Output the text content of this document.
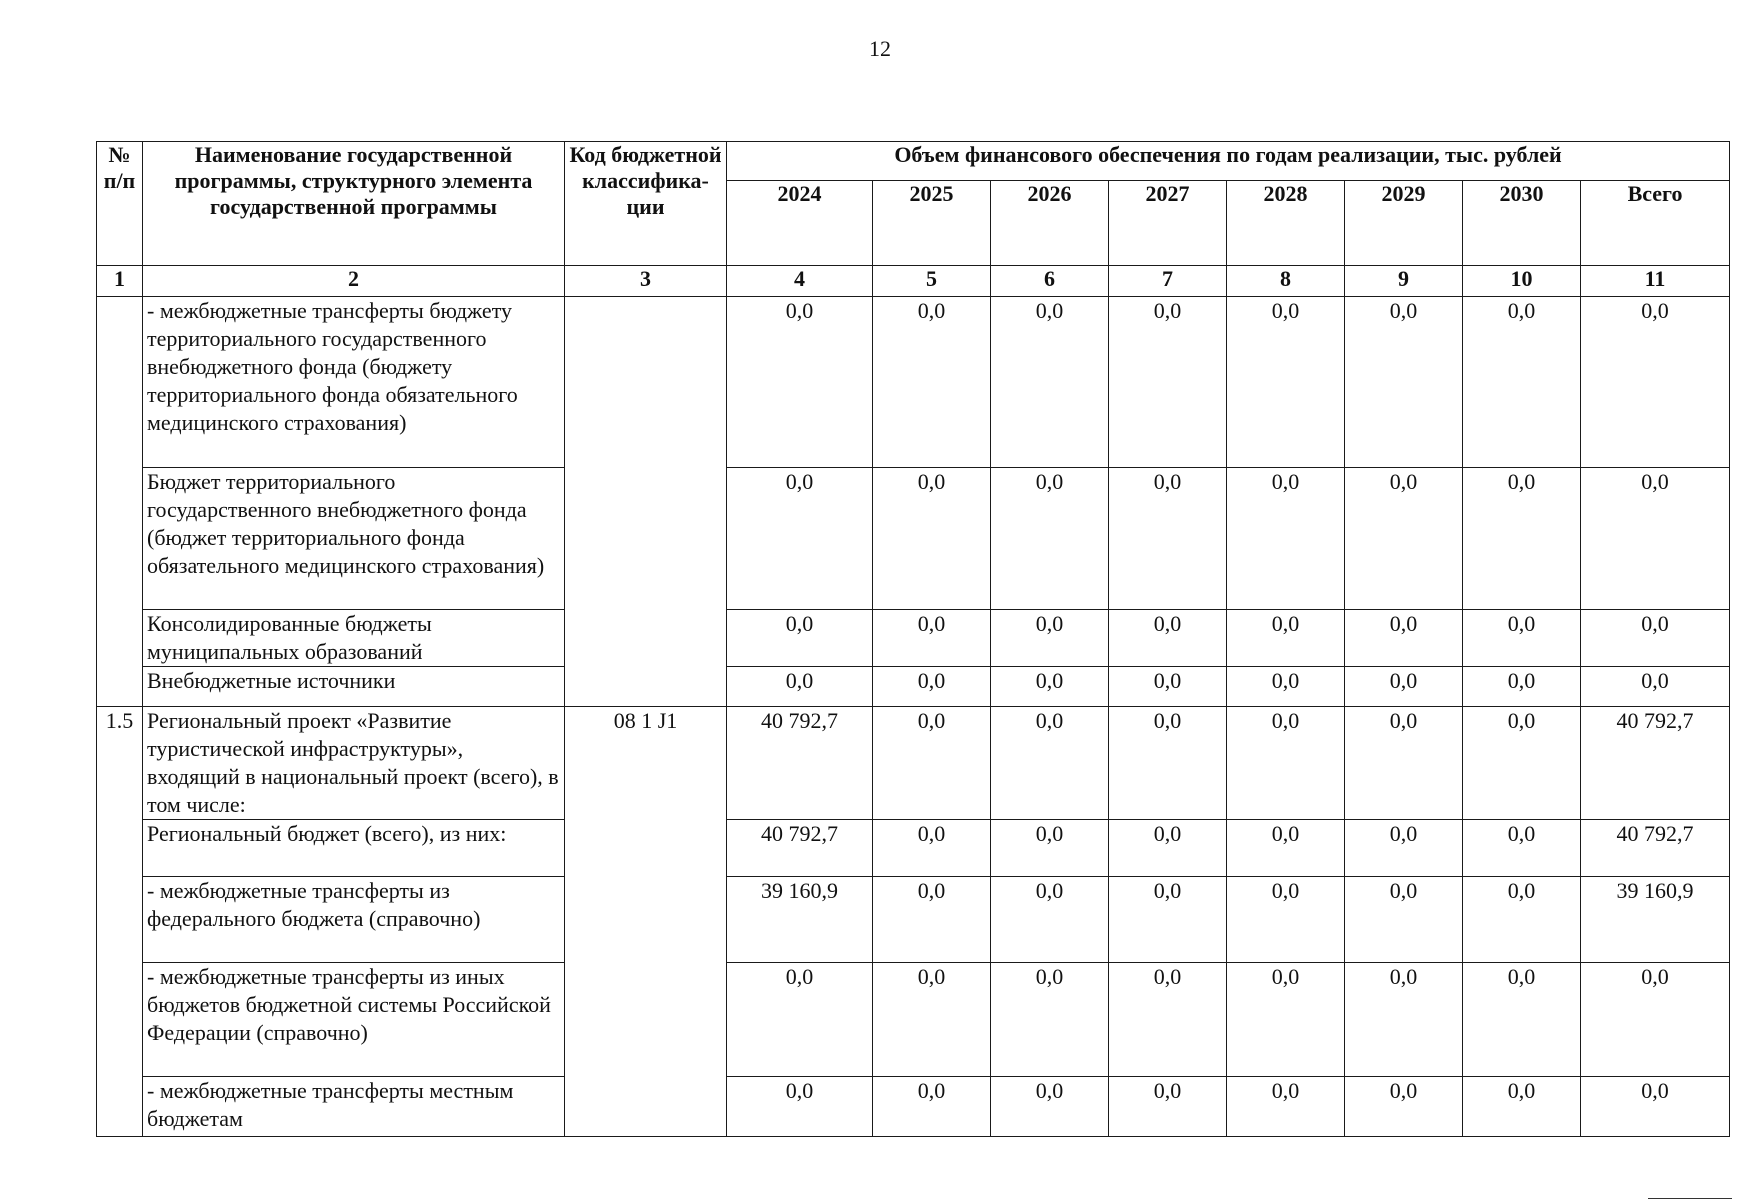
12
№ п/п	Наименование государственной программы, структурного элемента государственной программы	Код бюджетной классифика-ции	Объем финансового обеспечения по годам реализации, тыс. рублей							
			2024	2025	2026	2027	2028	2029	2030	Всего
1	2	3	4	5	6	7	8	9	10	11
	- межбюджетные трансферты бюджету территориального государственного внебюджетного фонда (бюджету территориального фонда обязательного медицинского страхования)		0,0	0,0	0,0	0,0	0,0	0,0	0,0	0,0
	Бюджет территориального государственного внебюджетного фонда (бюджет территориального фонда обязательного медицинского страхования)		0,0	0,0	0,0	0,0	0,0	0,0	0,0	0,0
	Консолидированные бюджеты муниципальных образований		0,0	0,0	0,0	0,0	0,0	0,0	0,0	0,0
	Внебюджетные источники		0,0	0,0	0,0	0,0	0,0	0,0	0,0	0,0
1.5	Региональный проект «Развитие туристической инфраструктуры», входящий в национальный проект (всего), в том числе:	08 1 J1	40 792,7	0,0	0,0	0,0	0,0	0,0	0,0	40 792,7
	Региональный бюджет (всего), из них:		40 792,7	0,0	0,0	0,0	0,0	0,0	0,0	40 792,7
	- межбюджетные трансферты из федерального бюджета (справочно)		39 160,9	0,0	0,0	0,0	0,0	0,0	0,0	39 160,9
	- межбюджетные трансферты из иных бюджетов бюджетной системы Российской Федерации (справочно)		0,0	0,0	0,0	0,0	0,0	0,0	0,0	0,0
	- межбюджетные трансферты местным бюджетам		0,0	0,0	0,0	0,0	0,0	0,0	0,0	0,0
